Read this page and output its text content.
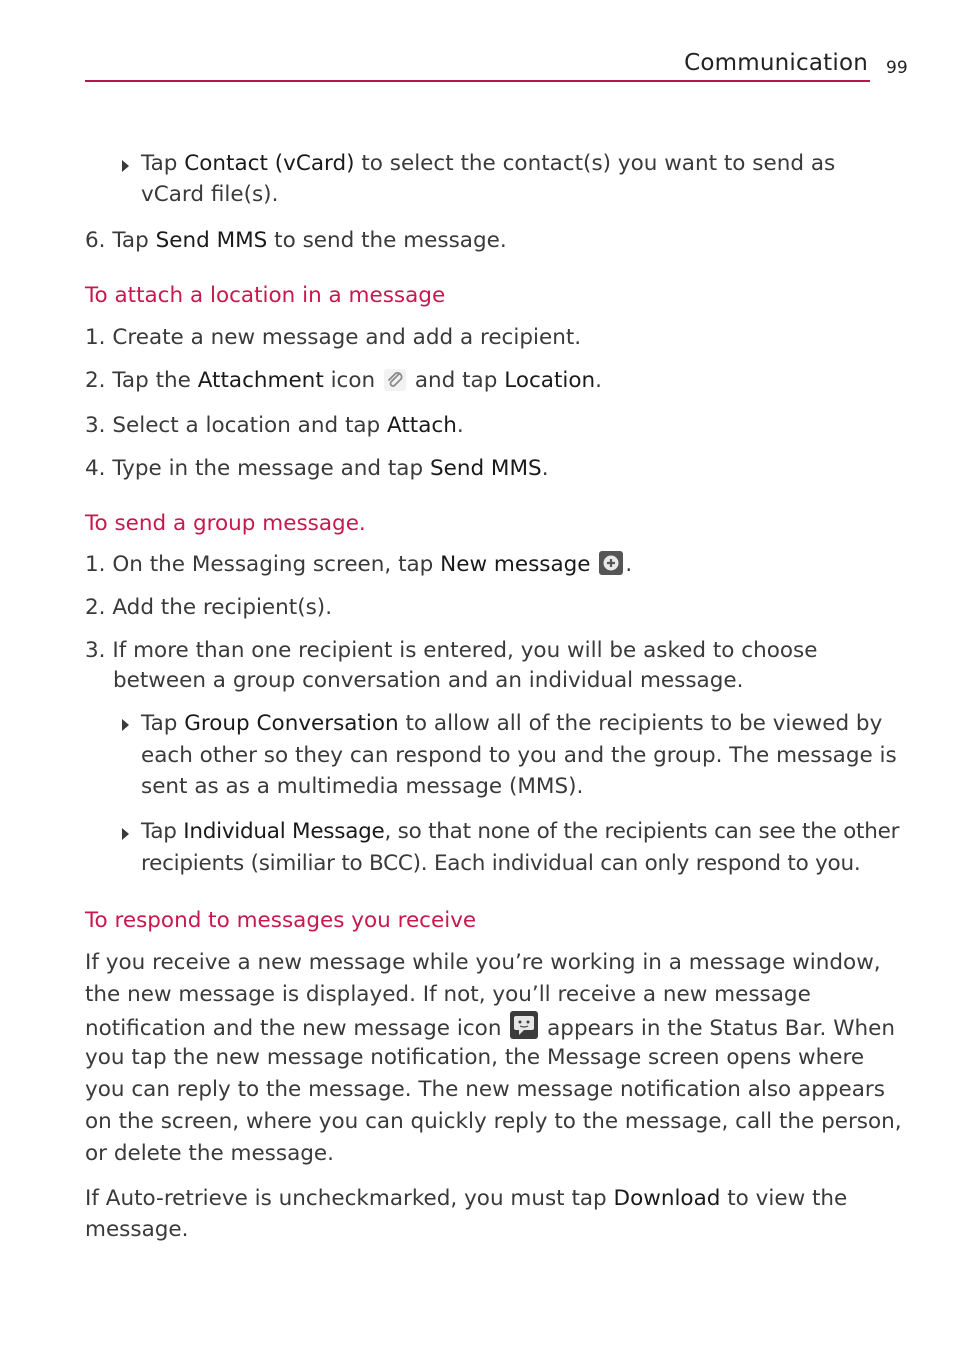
Communication 99
Tap Contact (vCard) to select the contact(s) you want to send as
vCard file(s).
6. Tap Send MMS to send the message.
To attach a location in a message
1. Create a new message and add a recipient.
2. Tap the Attachment icon  and tap Location.
3. Select a location and tap Attach.
4. Type in the message and tap Send MMS.
To send a group message.
1. On the Messaging screen, tap New message .
2. Add the recipient(s).
3. If more than one recipient is entered, you will be asked to choose
between a group conversation and an individual message.
Tap Group Conversation to allow all of the recipients to be viewed by
each other so they can respond to you and the group. The message is
sent as as a multimedia message (MMS).
Tap Individual Message, so that none of the recipients can see the other
recipients (similiar to BCC). Each individual can only respond to you.
To respond to messages you receive
If you receive a new message while you’re working in a message window,
the new message is displayed. If not, you’ll receive a new message
notification and the new message icon  appears in the Status Bar. When
you tap the new message notification, the Message screen opens where
you can reply to the message. The new message notification also appears
on the screen, where you can quickly reply to the message, call the person,
or delete the message.
If Auto-retrieve is uncheckmarked, you must tap Download to view the
message.
